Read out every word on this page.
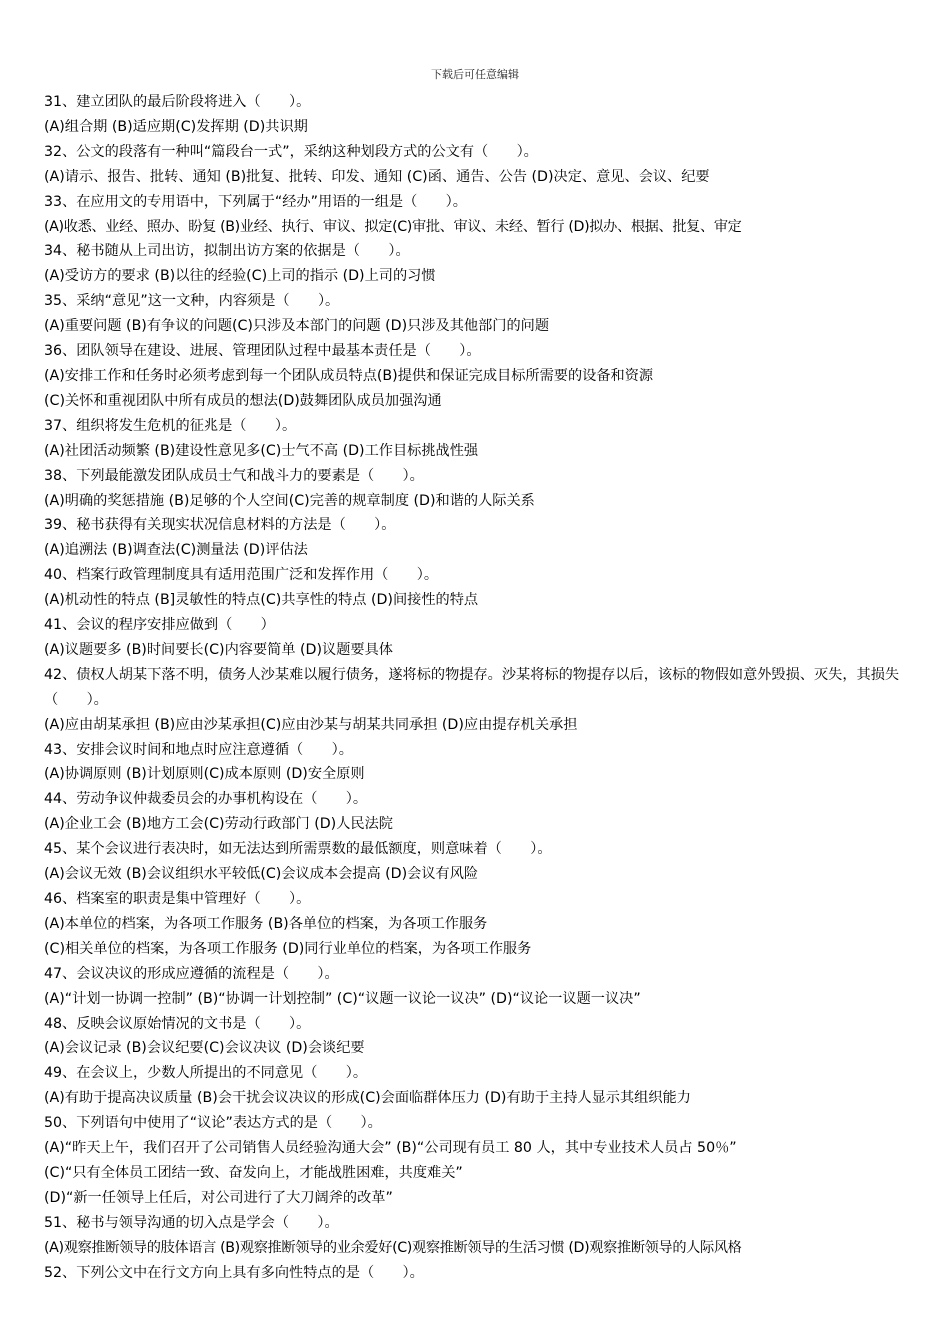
下载后可任意编辑
31、建立团队的最后阶段将进入（　　）。
(A)组合期 (B)适应期(C)发挥期 (D)共识期
32、公文的段落有一种叫“篇段台一式”，采纳这种划段方式的公文有（　　）。
(A)请示、报告、批转、通知 (B)批复、批转、印发、通知 (C)函、通告、公告 (D)决定、意见、会议、纪要
33、在应用文的专用语中，下列属于“经办”用语的一组是（　　）。
(A)收悉、业经、照办、盼复 (B)业经、执行、审议、拟定(C)审批、审议、未经、暂行 (D)拟办、根据、批复、审定
34、秘书随从上司出访，拟制出访方案的依据是（　　）。
(A)受访方的要求 (B)以往的经验(C)上司的指示 (D)上司的习惯
35、采纳“意见”这一文种，内容须是（　　）。
(A)重要问题 (B)有争议的问题(C)只涉及本部门的问题 (D)只涉及其他部门的问题
36、团队领导在建设、进展、管理团队过程中最基本责任是（　　）。
(A)安排工作和任务时必须考虑到每一个团队成员特点(B)提供和保证完成目标所需要的设备和资源
(C)关怀和重视团队中所有成员的想法(D)鼓舞团队成员加强沟通
37、组织将发生危机的征兆是（　　）。
(A)社团活动频繁 (B)建设性意见多(C)士气不高 (D)工作目标挑战性强
38、下列最能激发团队成员士气和战斗力的要素是（　　）。
(A)明确的奖惩措施 (B)足够的个人空间(C)完善的规章制度 (D)和谐的人际关系
39、秘书获得有关现实状况信息材料的方法是（　　）。
(A)追溯法 (B)调查法(C)测量法 (D)评估法
40、档案行政管理制度具有适用范围广泛和发挥作用（　　）。
(A)机动性的特点 (B]灵敏性的特点(C)共享性的特点 (D)间接性的特点
41、会议的程序安排应做到（　　）
(A)议题要多 (B)时间要长(C)内容要简单 (D)议题要具体
42、债权人胡某下落不明，债务人沙某难以履行债务，遂将标的物提存。沙某将标的物提存以后，该标的物假如意外毁损、灭失，其损失（　　）。
(A)应由胡某承担 (B)应由沙某承担(C)应由沙某与胡某共同承担 (D)应由提存机关承担
43、安排会议时间和地点时应注意遵循（　　）。
(A)协调原则 (B)计划原则(C)成本原则 (D)安全原则
44、劳动争议仲裁委员会的办事机构设在（　　）。
(A)企业工会 (B)地方工会(C)劳动行政部门 (D)人民法院
45、某个会议进行表决时，如无法达到所需票数的最低额度，则意味着（　　）。
(A)会议无效 (B)会议组织水平较低(C)会议成本会提高 (D)会议有风险
46、档案室的职责是集中管理好（　　）。
(A)本单位的档案，为各项工作服务 (B)各单位的档案，为各项工作服务
(C)相关单位的档案，为各项工作服务 (D)同行业单位的档案，为各项工作服务
47、会议决议的形成应遵循的流程是（　　）。
(A)“计划一协调一控制” (B)“协调一计划控制” (C)“议题一议论一议决” (D)“议论一议题一议决”
48、反映会议原始情况的文书是（　　）。
(A)会议记录 (B)会议纪要(C)会议决议 (D)会谈纪要
49、在会议上，少数人所提出的不同意见（　　）。
(A)有助于提高决议质量 (B)会干扰会议决议的形成(C)会面临群体压力 (D)有助于主持人显示其组织能力
50、下列语句中使用了“议论”表达方式的是（　　）。
(A)“昨天上午，我们召开了公司销售人员经验沟通大会” (B)“公司现有员工 80 人，其中专业技术人员占 50％”
(C)“只有全体员工团结一致、奋发向上，才能战胜困难，共度难关”
(D)“新一任领导上任后，对公司进行了大刀阔斧的改革”
51、秘书与领导沟通的切入点是学会（　　）。
(A)观察推断领导的肢体语言 (B)观察推断领导的业余爱好(C)观察推断领导的生活习惯 (D)观察推断领导的人际风格
52、下列公文中在行文方向上具有多向性特点的是（　　）。
